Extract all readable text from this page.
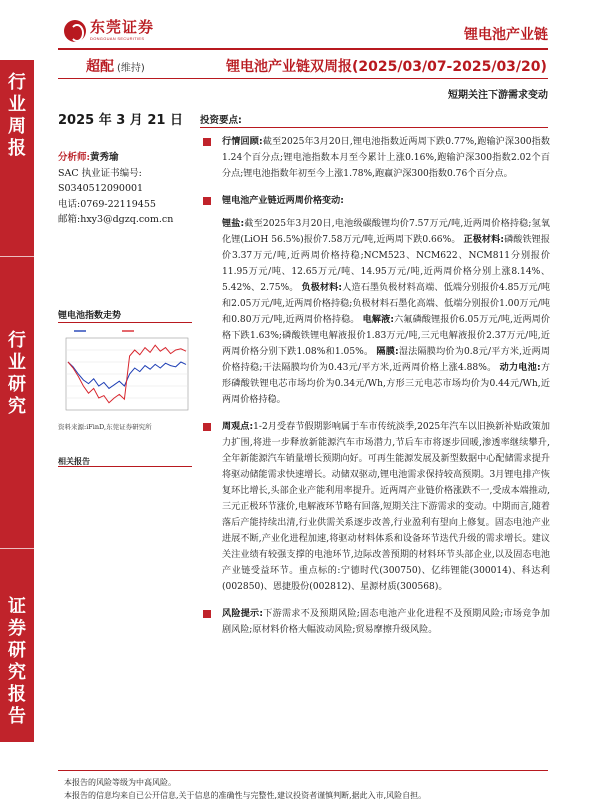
东莞证券
DONGGUAN SECURITIES	锂电池产业链
行业周报
行业研究
证券研究报告
超配 (维持)	锂电池产业链双周报(2025/03/07-2025/03/20)
短期关注下游需求变动
2025 年 3 月 21 日
分析师:黄秀瑜
SAC 执业证书编号:
S0340512090001
电话:0769-22119455
邮箱:hxy3@dgzq.com.cn
锂电池指数走势
资料来源:iFinD,东莞证券研究所
相关报告
投资要点:
行情回顾:截至2025年3月20日,锂电池指数近两周下跌0.77%,跑输沪深300指数1.24个百分点;锂电池指数本月至今累计上涨0.16%,跑输沪深300指数2.02个百分点;锂电池指数年初至今上涨1.78%,跑赢沪深300指数0.76个百分点。
锂电池产业链近两周价格变动:
锂盐:截至2025年3月20日,电池级碳酸锂均价7.57万元/吨,近两周价格持稳;氢氧化锂(LiOH 56.5%)报价7.58万元/吨,近两周下跌0.66%。 正极材料:磷酸铁锂报价3.37万元/吨,近两周价格持稳;NCM523、NCM622、NCM811分别报价11.95万元/吨、12.65万元/吨、14.95万元/吨,近两周价格分别上涨8.14%、5.42%、2.75%。 负极材料:人造石墨负极材料高端、低端分别报价4.85万元/吨和2.05万元/吨,近两周价格持稳;负极材料石墨化高端、低端分别报价1.00万元/吨和0.80万元/吨,近两周价格持稳。 电解液:六氟磷酸锂报价6.05万元/吨,近两周价格下跌1.63%;磷酸铁锂电解液报价1.83万元/吨,三元电解液报价2.37万元/吨,近两周价格分别下跌1.08%和1.05%。 隔膜:湿法隔膜均价为0.8元/平方米,近两周价格持稳;干法隔膜均价为0.43元/平方米,近两周价格上涨4.88%。 动力电池:方形磷酸铁锂电芯市场均价为0.34元/Wh,方形三元电芯市场均价为0.44元/Wh,近两周价格持稳。
周观点:1-2月受春节假期影响属于车市传统淡季,2025年汽车以旧换新补贴政策加力扩围,将进一步释放新能源汽车市场潜力,节后车市将逐步回暖,渗透率继续攀升,全年新能源汽车销量增长预期向好。可再生能源发展及新型数据中心配储需求提升将驱动储能需求快速增长。动储双驱动,锂电池需求保持较高预期。3月锂电排产恢复环比增长,头部企业产能利用率提升。近两周产业链价格涨跌不一,受成本端推动,三元正极环节涨价,电解液环节略有回落,短期关注下游需求的变动。中期而言,随着落后产能持续出清,行业供需关系逐步改善,行业盈利有望向上修复。固态电池产业进展不断,产业化进程加速,将驱动材料体系和设备环节迭代升级的需求增长。建议关注业绩有较强支撑的电池环节,边际改善预期的材料环节头部企业,以及固态电池产业链受益环节。重点标的:宁德时代(300750)、亿纬锂能(300014)、科达利(002850)、恩捷股份(002812)、星源材质(300568)。
风险提示:下游需求不及预期风险;固态电池产业化进程不及预期风险;市场竞争加剧风险;原材料价格大幅波动风险;贸易摩擦升级风险。
本报告的风险等级为中高风险。
本报告的信息均来自已公开信息,关于信息的准确性与完整性,建议投资者谨慎判断,据此入市,风险自担。
